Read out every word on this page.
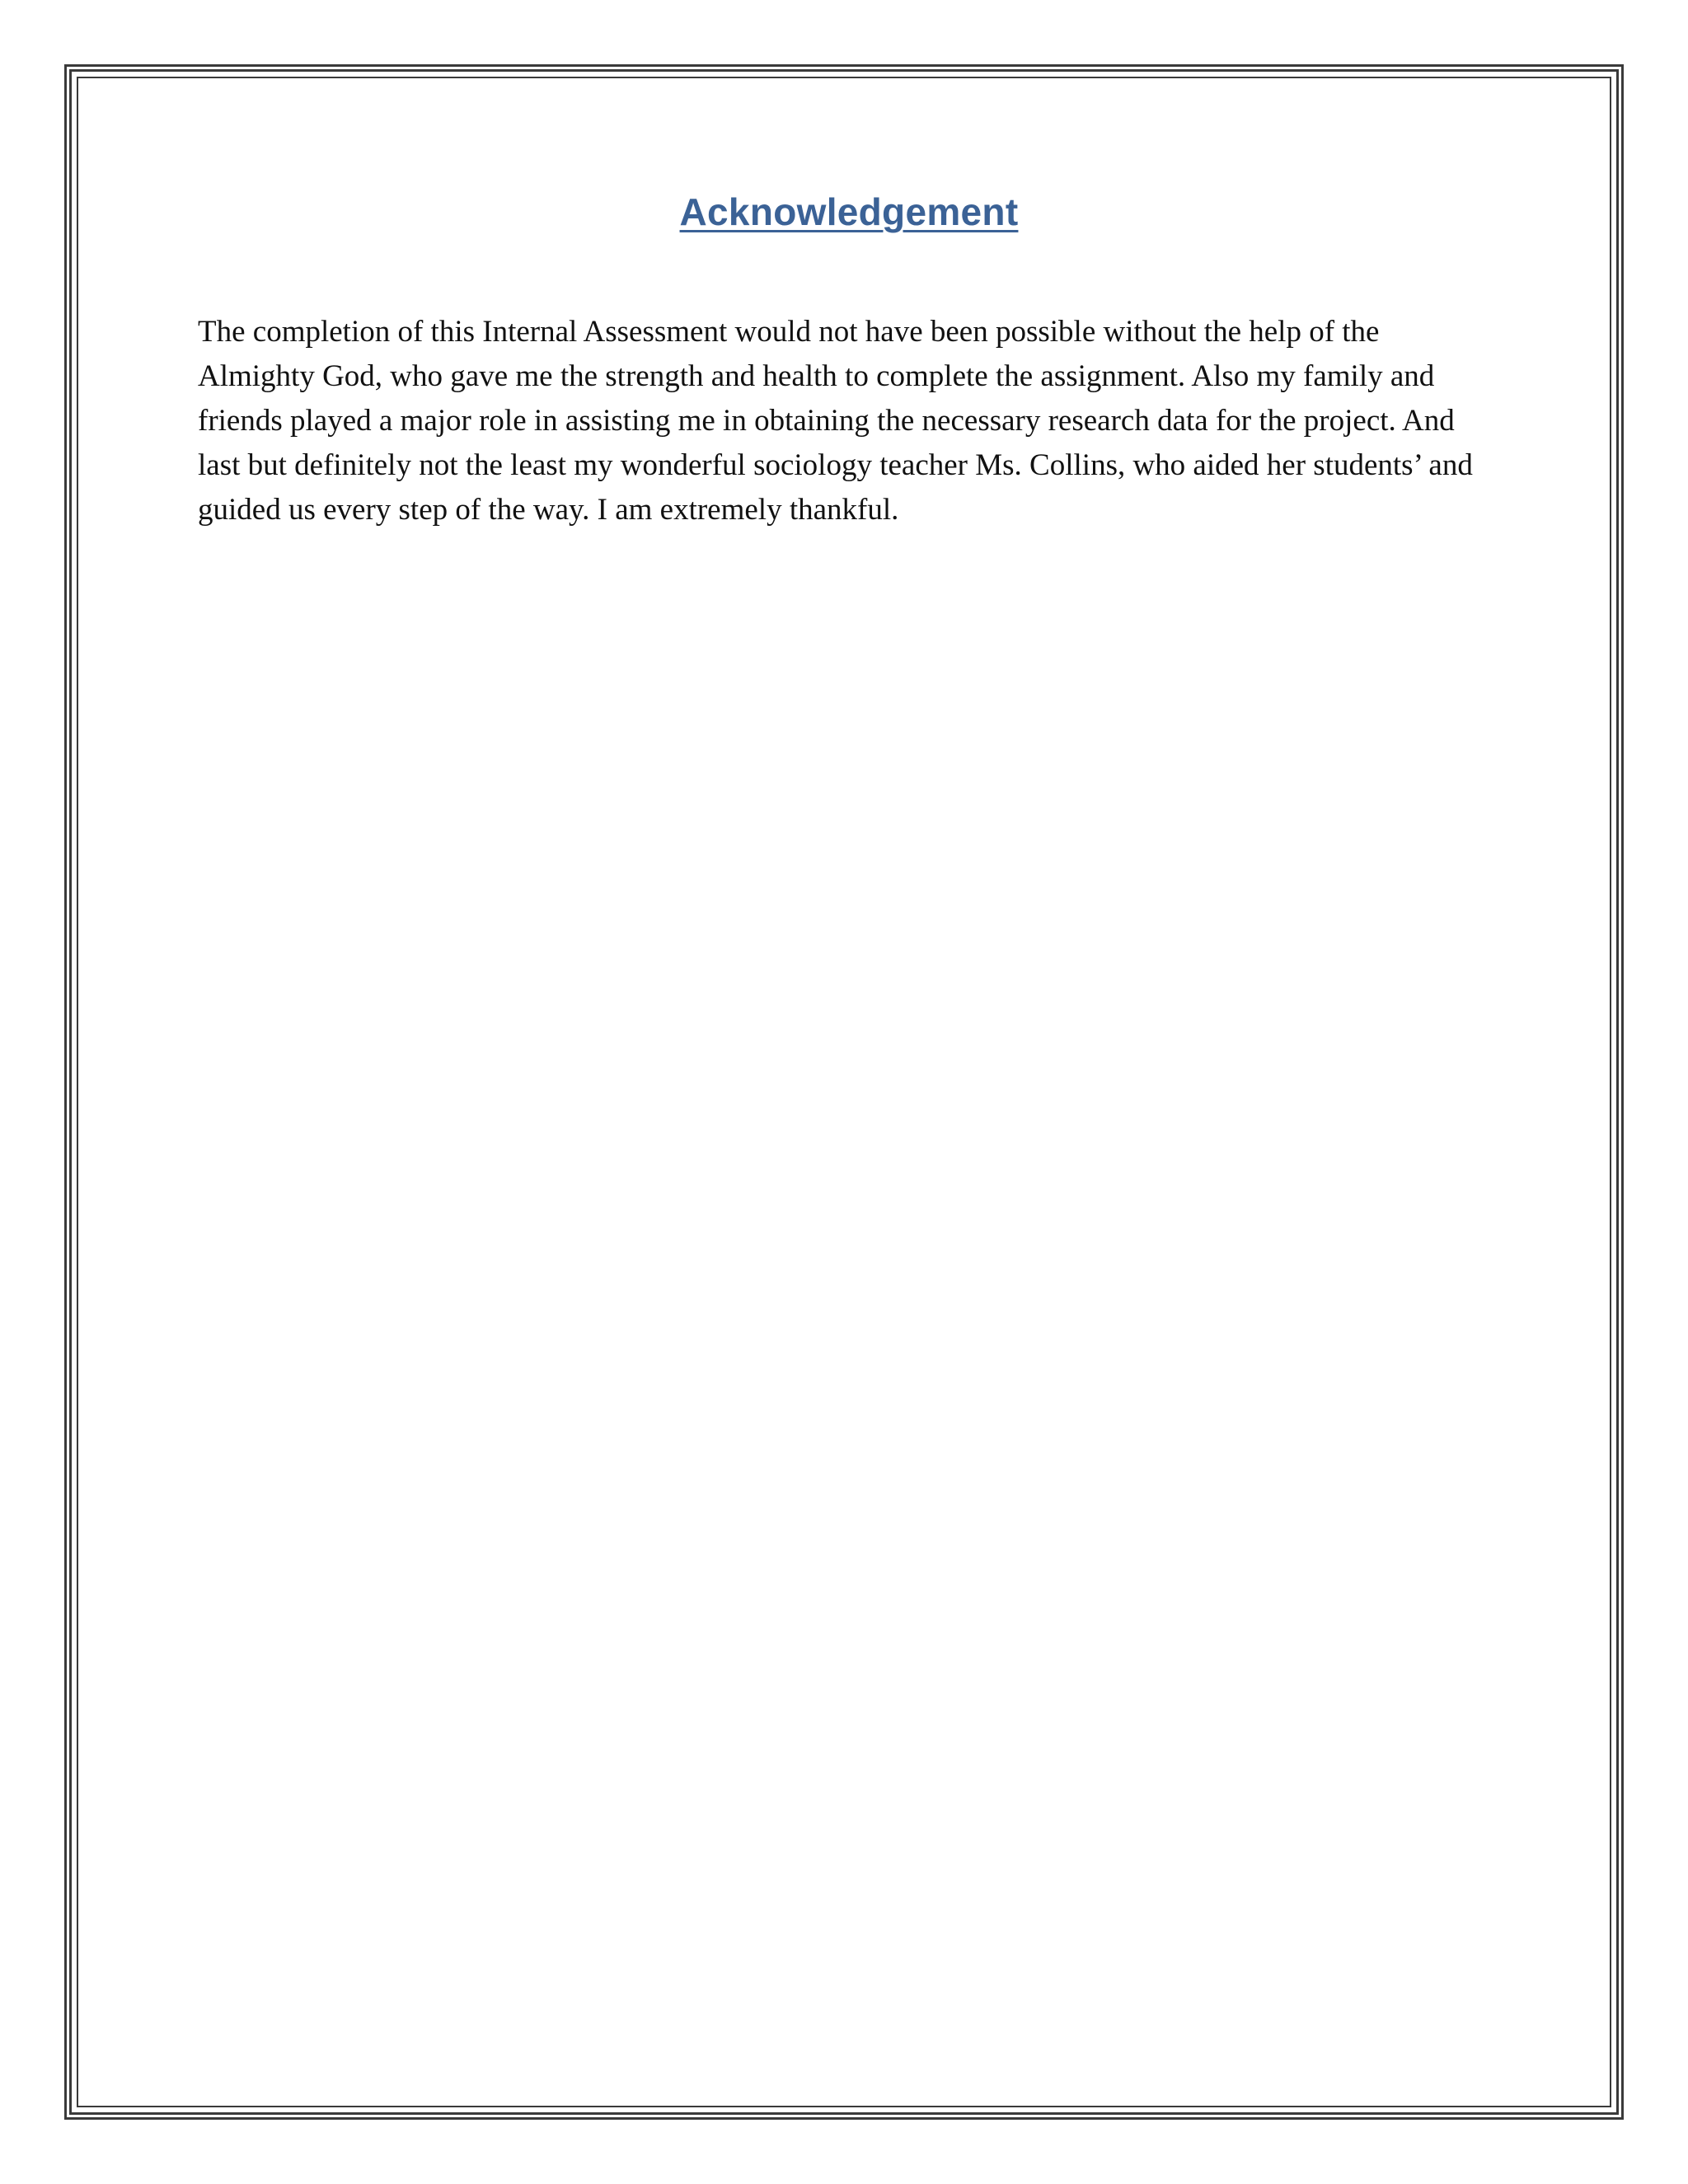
Acknowledgement

The completion of this Internal Assessment would not have been possible without the help of the Almighty God, who gave me the strength and health to complete the assignment. Also my family and friends played a major role in assisting me in obtaining the necessary research data for the project. And last but definitely not the least my wonderful sociology teacher Ms. Collins, who aided her students’ and guided us every step of the way. I am extremely thankful.
